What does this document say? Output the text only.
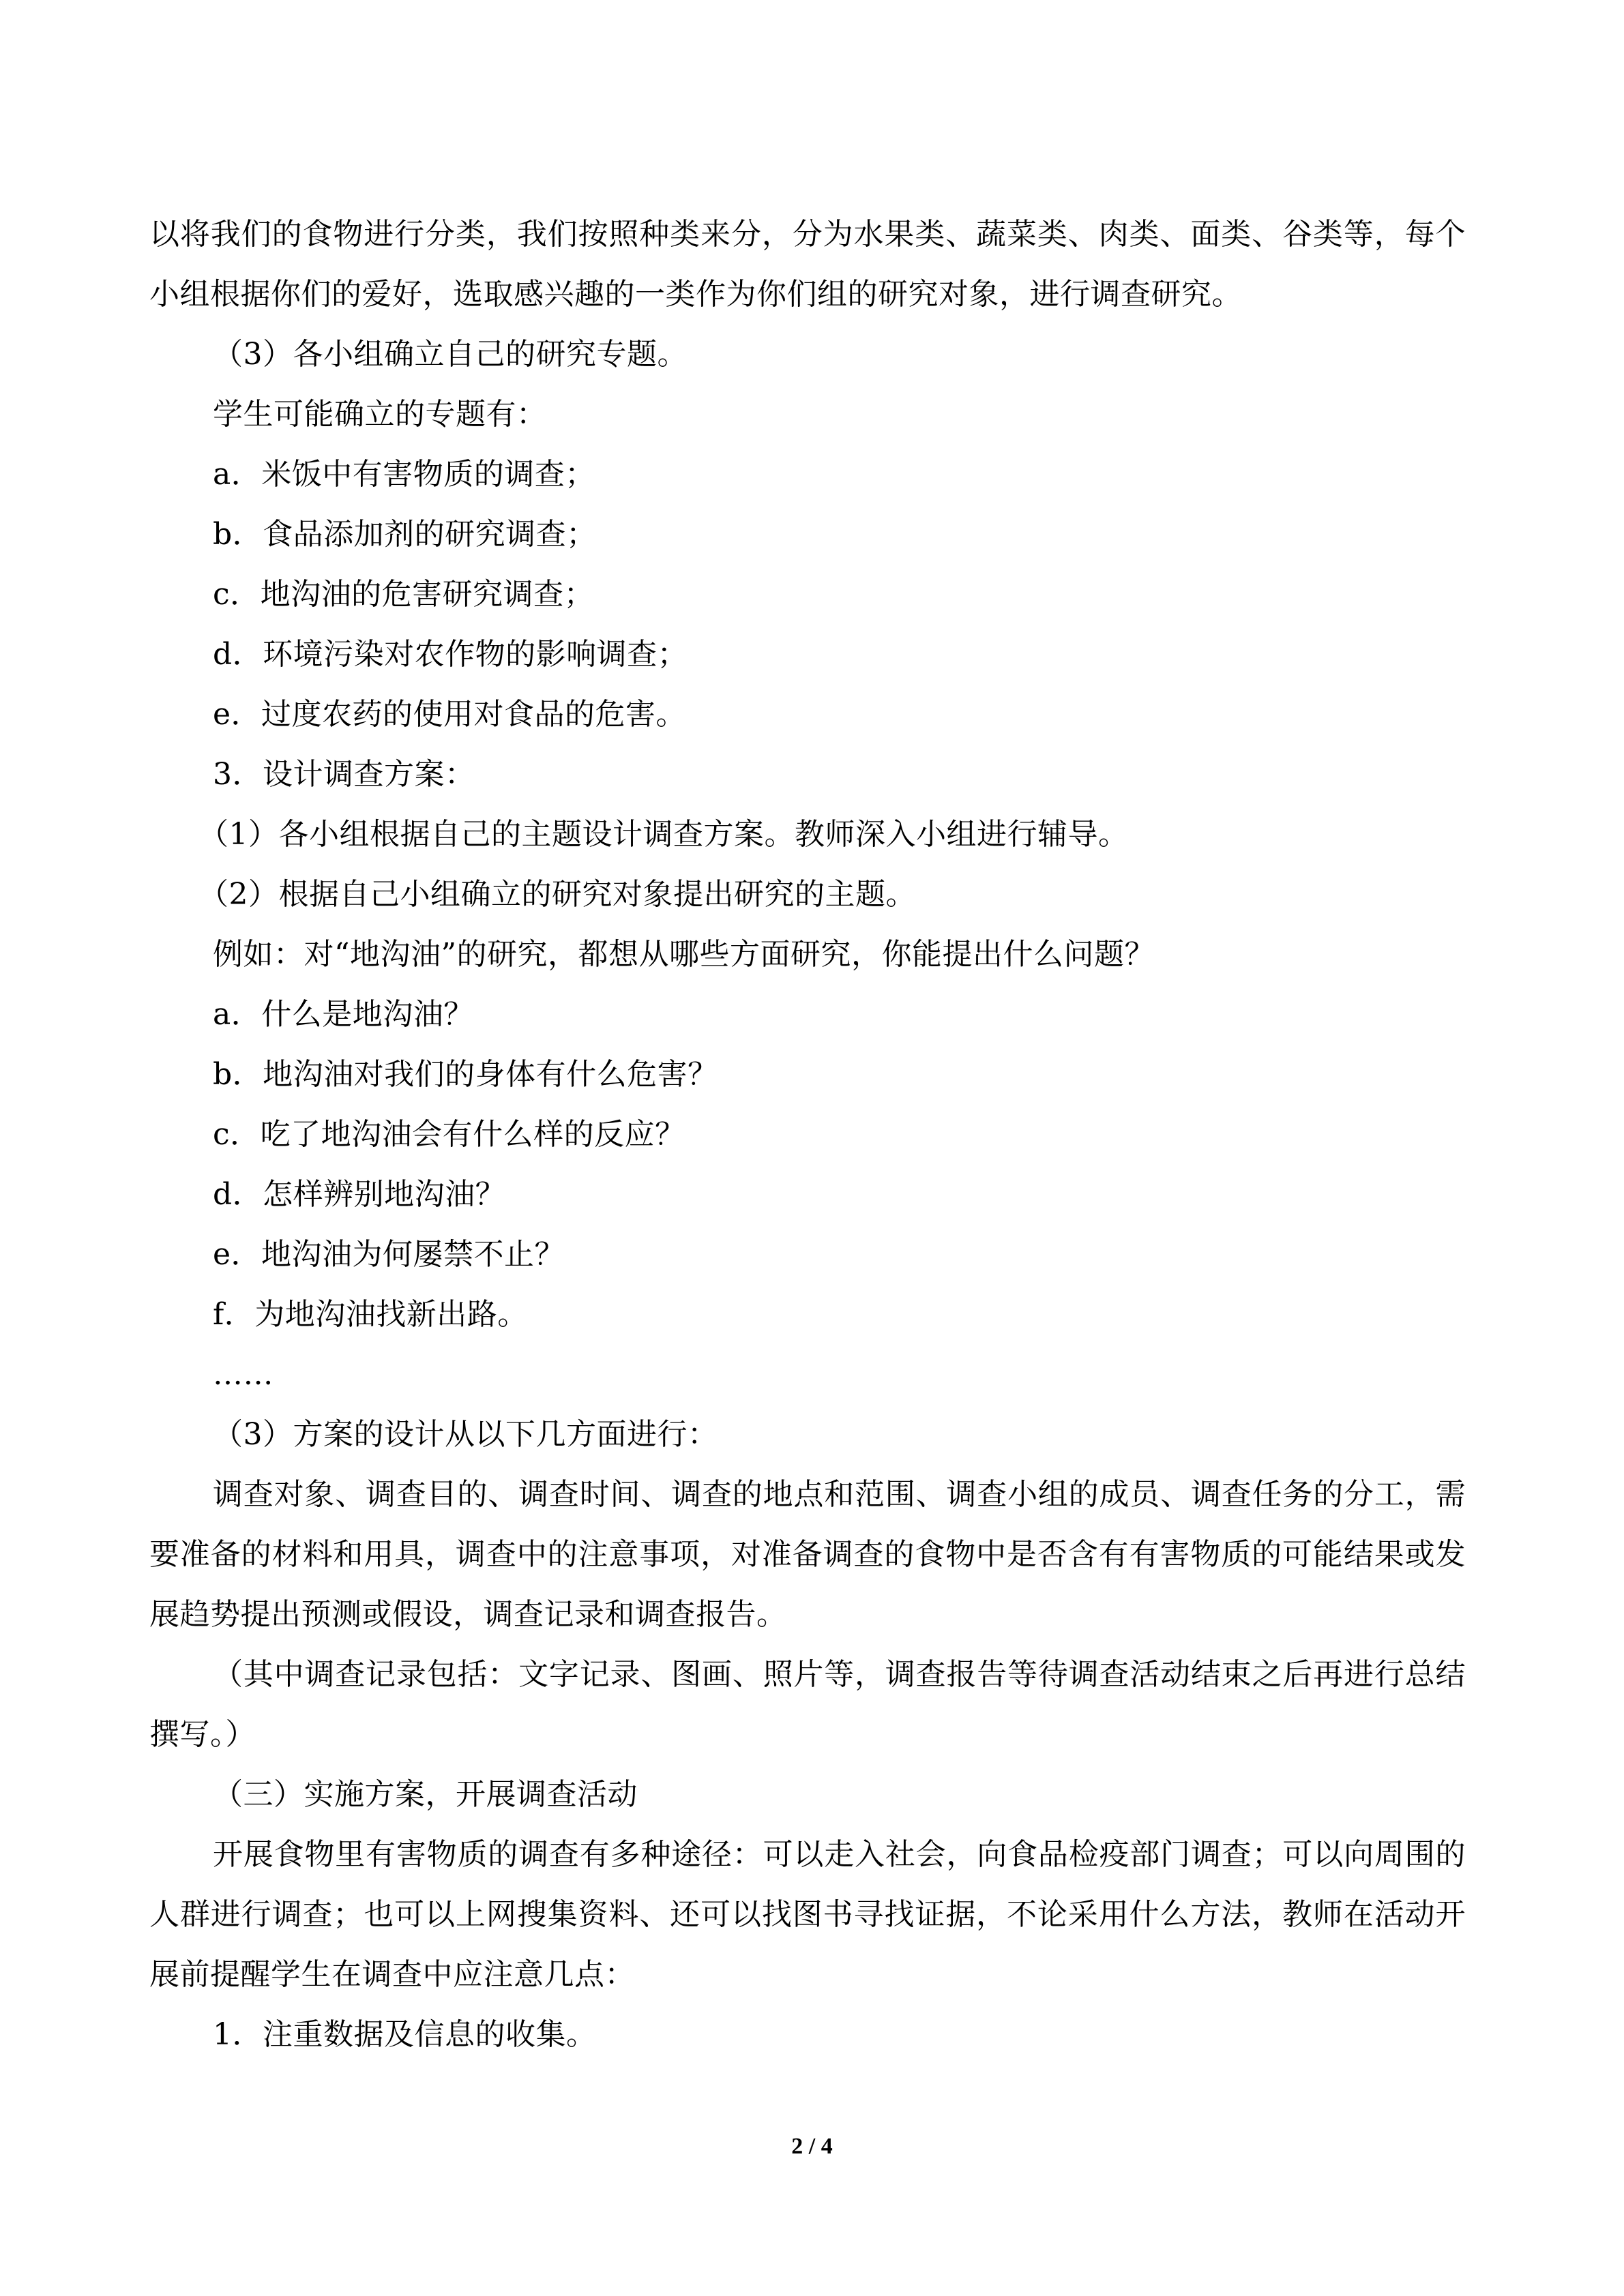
以将我们的食物进行分类，我们按照种类来分，分为水果类、蔬菜类、肉类、面类、谷类等，每个小组根据你们的爱好，选取感兴趣的一类作为你们组的研究对象，进行调查研究。

（3）各小组确立自己的研究专题。

学生可能确立的专题有：

a．米饭中有害物质的调查；

b．食品添加剂的研究调查；

c．地沟油的危害研究调查；

d．环境污染对农作物的影响调查；

e．过度农药的使用对食品的危害。

3．设计调查方案：

（1）各小组根据自己的主题设计调查方案。教师深入小组进行辅导。

（2）根据自己小组确立的研究对象提出研究的主题。

例如：对“地沟油”的研究，都想从哪些方面研究，你能提出什么问题？

a．什么是地沟油？

b．地沟油对我们的身体有什么危害？

c．吃了地沟油会有什么样的反应？

d．怎样辨别地沟油？

e．地沟油为何屡禁不止？

f．为地沟油找新出路。

……

（3）方案的设计从以下几方面进行：

调查对象、调查目的、调查时间、调查的地点和范围、调查小组的成员、调查任务的分工，需要准备的材料和用具，调查中的注意事项，对准备调查的食物中是否含有有害物质的可能结果或发展趋势提出预测或假设，调查记录和调查报告。

（其中调查记录包括：文字记录、图画、照片等，调查报告等待调查活动结束之后再进行总结撰写。）

（三）实施方案，开展调查活动

开展食物里有害物质的调查有多种途径：可以走入社会，向食品检疫部门调查；可以向周围的人群进行调查；也可以上网搜集资料、还可以找图书寻找证据，不论采用什么方法，教师在活动开展前提醒学生在调查中应注意几点：

1．注重数据及信息的收集。

2 / 4
